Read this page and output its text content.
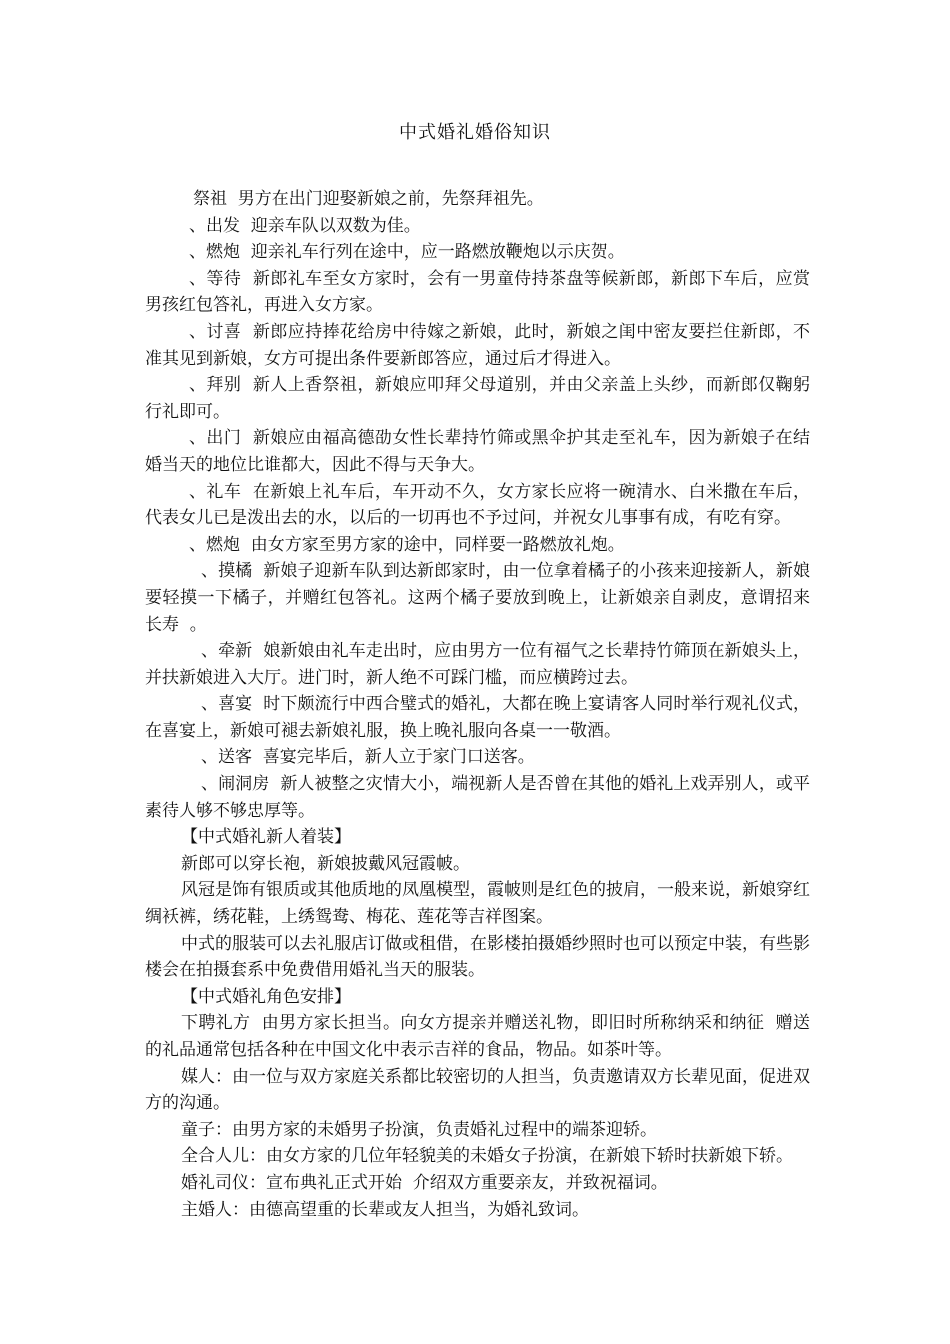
中式婚礼婚俗知识

祭祖  男方在出门迎娶新娘之前，先祭拜祖先。

、出发  迎亲车队以双数为佳。

、燃炮  迎亲礼车行列在途中，应一路燃放鞭炮以示庆贺。

、等待  新郎礼车至女方家时，会有一男童侍持茶盘等候新郎，新郎下车后，应赏男孩红包答礼，再进入女方家。

、讨喜  新郎应持捧花给房中待嫁之新娘，此时，新娘之闺中密友要拦住新郎，不准其见到新娘，女方可提出条件要新郎答应，通过后才得进入。

、拜别  新人上香祭祖，新娘应叩拜父母道别，并由父亲盖上头纱，而新郎仅鞠躬行礼即可。

、出门  新娘应由福高德劭女性长辈持竹筛或黑伞护其走至礼车，因为新娘子在结婚当天的地位比谁都大，因此不得与天争大。

、礼车  在新娘上礼车后，车开动不久，女方家长应将一碗清水、白米撒在车后，代表女儿已是泼出去的水，以后的一切再也不予过问，并祝女儿事事有成，有吃有穿。

、燃炮  由女方家至男方家的途中，同样要一路燃放礼炮。

、摸橘  新娘子迎新车队到达新郎家时，由一位拿着橘子的小孩来迎接新人，新娘要轻摸一下橘子，并赠红包答礼。这两个橘子要放到晚上，让新娘亲自剥皮，意谓招来  长寿  。

、牵新  娘新娘由礼车走出时，应由男方一位有福气之长辈持竹筛顶在新娘头上，并扶新娘进入大厅。进门时，新人绝不可踩门槛，而应横跨过去。

、喜宴  时下颇流行中西合璧式的婚礼，大都在晚上宴请客人同时举行观礼仪式，在喜宴上，新娘可褪去新娘礼服，换上晚礼服向各桌一一敬酒。

、送客  喜宴完毕后，新人立于家门口送客。

、闹洞房  新人被整之灾情大小，端视新人是否曾在其他的婚礼上戏弄别人，或平素待人够不够忠厚等。

【中式婚礼新人着装】

新郎可以穿长袍，新娘披戴风冠霞帔。

风冠是饰有银质或其他质地的凤凰模型，霞帔则是红色的披肩，一般来说，新娘穿红绸袄裤，绣花鞋，上绣鸳鸯、梅花、莲花等吉祥图案。

中式的服装可以去礼服店订做或租借，在影楼拍摄婚纱照时也可以预定中装，有些影楼会在拍摄套系中免费借用婚礼当天的服装。

【中式婚礼角色安排】

下聘礼方  由男方家长担当。向女方提亲并赠送礼物，即旧时所称纳采和纳征  赠送的礼品通常包括各种在中国文化中表示吉祥的食品，物品。如茶叶等。

媒人：由一位与双方家庭关系都比较密切的人担当，负责邀请双方长辈见面，促进双方的沟通。

童子：由男方家的未婚男子扮演，负责婚礼过程中的端茶迎轿。

全合人儿：由女方家的几位年轻貌美的未婚女子扮演，在新娘下轿时扶新娘下轿。

婚礼司仪：宣布典礼正式开始  介绍双方重要亲友，并致祝福词。

主婚人：由德高望重的长辈或友人担当，为婚礼致词。
